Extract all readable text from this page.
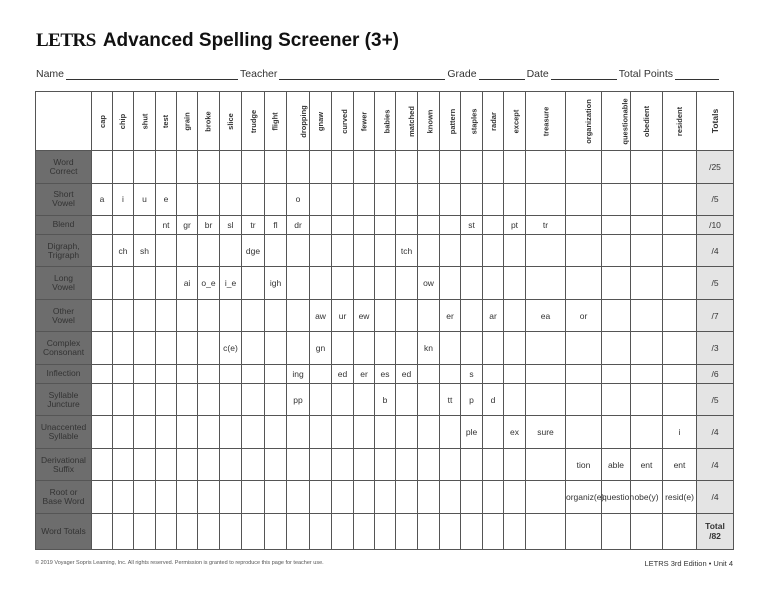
LETRS Advanced Spelling Screener (3+)
Name	Teacher	Grade	Date	Total Points
	cap	chip	shut	test	grain	broke	slice	trudge	flight	dropping	gnaw	curved	fewer	babies	matched	known	pattern	staples	radar	except	treasure	organization	questionable	obedient	resident	Totals
Word
Correct																										/25
Short
Vowel	a	i	u	e						o																/5
Blend				nt	gr	br	sl	tr	fl	dr								st		pt	tr					/10
Digraph,
Trigraph		ch	sh					dge							tch											/4
Long
Vowel					ai	o_e	i_e		igh							ow										/5
Other
Vowel											aw	ur	ew				er		ar		ea	or				/7
Complex
Consonant							c(e)				gn					kn										/3
Inflection										ing		ed	er	es	ed			s								/6
Syllable
Juncture										pp				b			tt	p	d							/5
Unaccented
Syllable																		ple		ex	sure				i	/4
Derivational
Suffix																						tion	able	ent	ent	/4
Root or
Base Word																						organiz(e)	question	obe(y)	resid(e)	/4
Word Totals																										Total
/82
© 2019 Voyager Sopris Learning, Inc. All rights reserved. Permission is granted to reproduce this page for teacher use.	LETRS 3rd Edition • Unit 4
